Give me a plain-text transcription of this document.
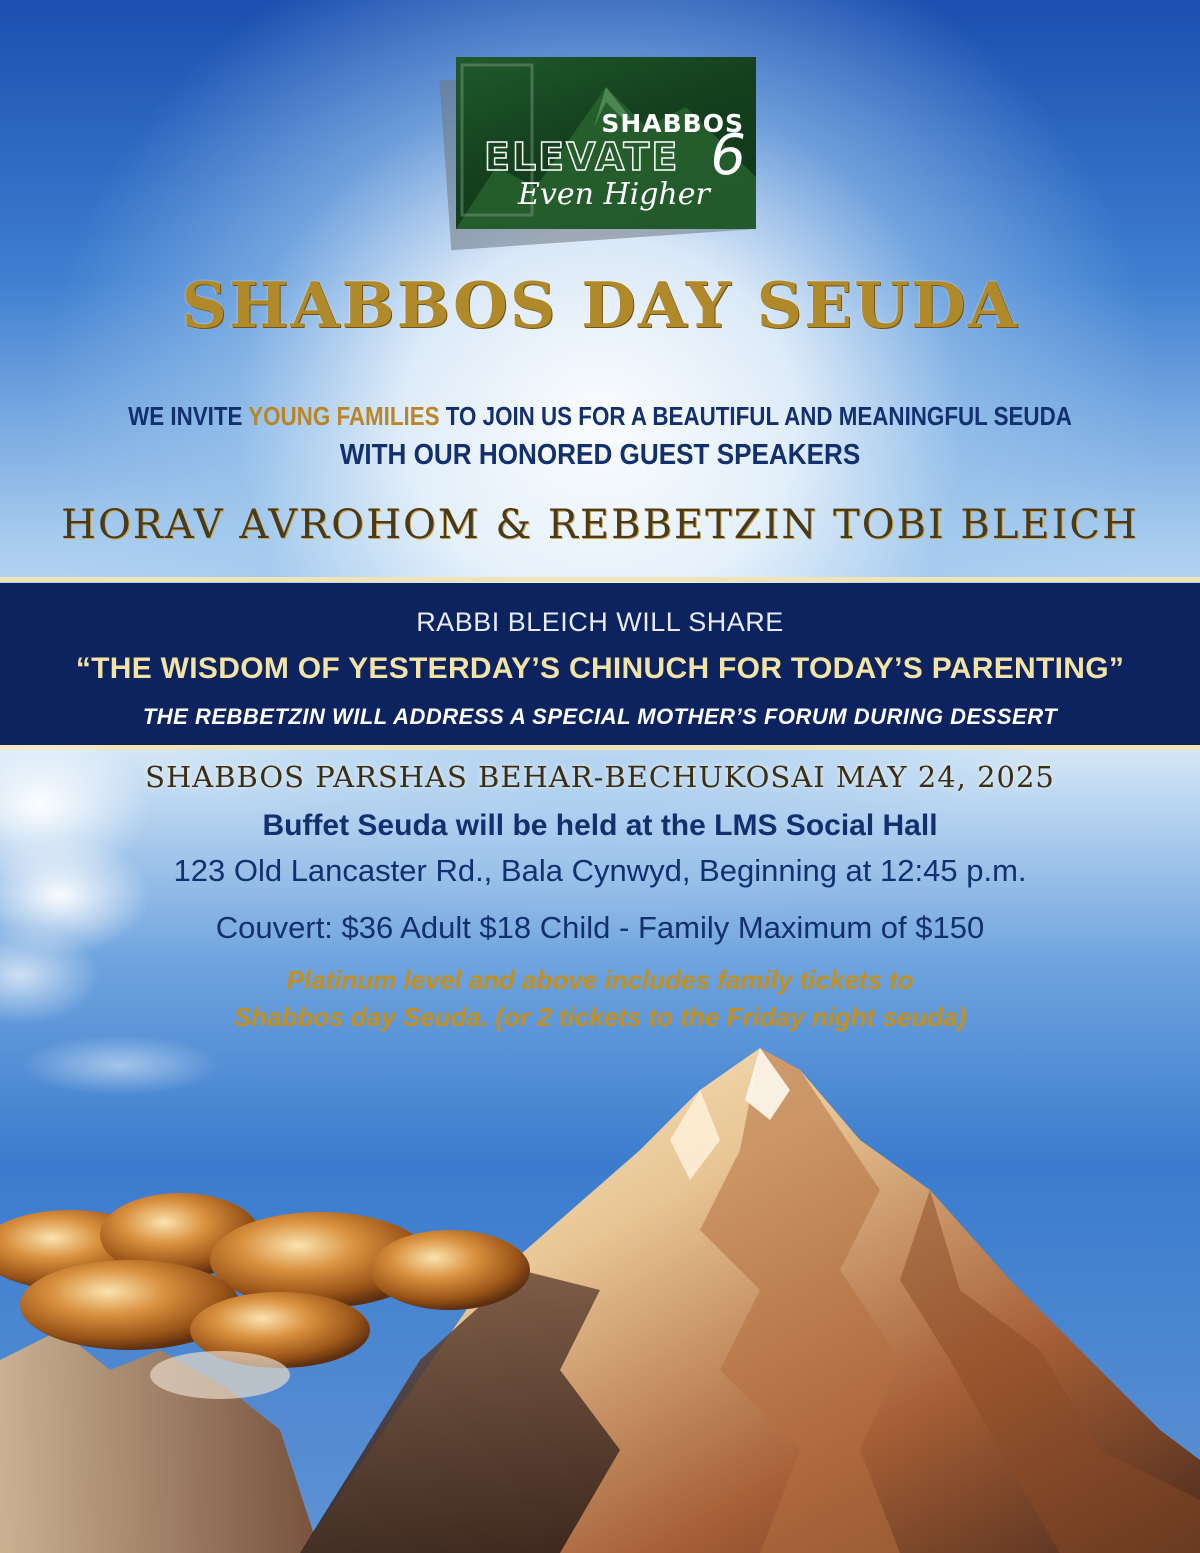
SHABBOS
ELEVATE 6
Even Higher
SHABBOS DAY SEUDA
WE INVITE YOUNG FAMILIES TO JOIN US FOR A BEAUTIFUL AND MEANINGFUL SEUDA
WITH OUR HONORED GUEST SPEAKERS
HORAV AVROHOM & REBBETZIN TOBI BLEICH
RABBI BLEICH WILL SHARE
“THE WISDOM OF YESTERDAY’S CHINUCH FOR TODAY’S PARENTING”
THE REBBETZIN WILL ADDRESS A SPECIAL MOTHER’S FORUM DURING DESSERT
SHABBOS PARSHAS BEHAR-BECHUKOSAI MAY 24, 2025
Buffet Seuda will be held at the LMS Social Hall
123 Old Lancaster Rd., Bala Cynwyd, Beginning at 12:45 p.m.
Couvert: $36 Adult $18 Child - Family Maximum of $150
Platinum level and above includes family tickets to
Shabbos day Seuda. (or 2 tickets to the Friday night seuda)
